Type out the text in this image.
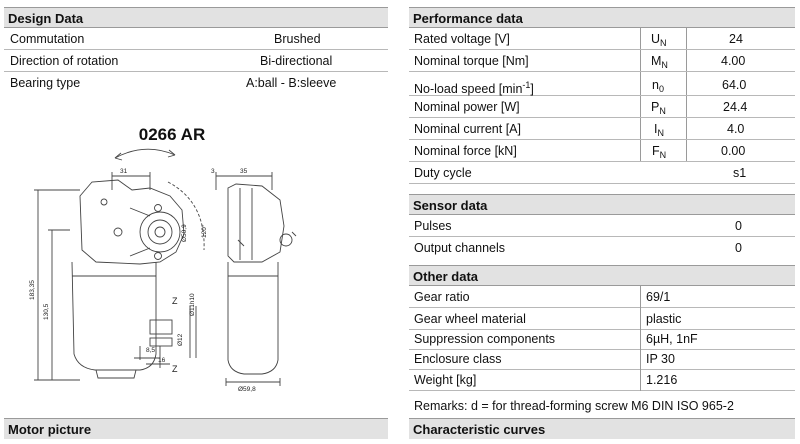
Design Data
Commutation	Brushed
Direction of rotation	Bi-directional
Bearing type	A:ball - B:sleeve
0266 AR
31	3	35
183,35
130,5
Ø50,9 120°
Ø11h10
Ø12
8,5
16
Ø59,8
Z
Z
Motor picture
Performance data
Rated voltage [V]	$U_N$	24
Nominal torque [Nm]	$M_N$	4.00
No-load speed $[\min^{-1}]$	$n_0$	64.0
Nominal power [W]	$P_N$	24.4
Nominal current [A]	$I_N$	4.0
Nominal force [kN]	$F_N$	0.00
Duty cycle	s1
Sensor data
Pulses	0
Output channels	0
Other data
Gear ratio	69/1
Gear wheel material	plastic
Suppression components	6µH, 1nF
Enclosure class	IP 30
Weight [kg]	1.216
Remarks: d = for thread-forming screw M6 DIN ISO 965-2
Characteristic curves
